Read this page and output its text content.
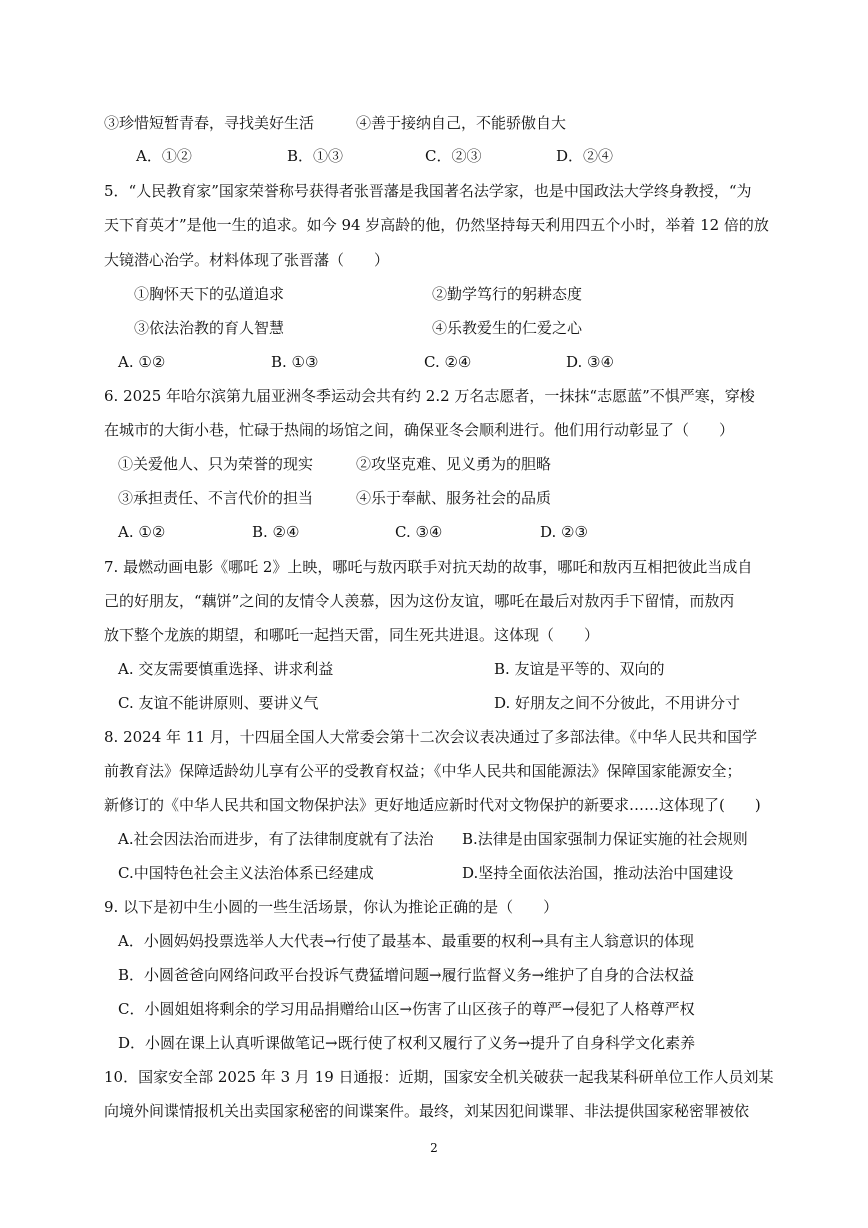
③珍惜短暂青春，寻找美好生活	④善于接纳自己，不能骄傲自大
A．①②	B．①③	C．②③	D．②④
5．“人民教育家”国家荣誉称号获得者张晋藩是我国著名法学家，也是中国政法大学终身教授，“为
天下育英才”是他一生的追求。如今 94 岁高龄的他，仍然坚持每天利用四五个小时，举着 12 倍的放
大镜潜心治学。材料体现了张晋藩（　　）
①胸怀天下的弘道追求	②勤学笃行的躬耕态度
③依法治教的育人智慧	④乐教爱生的仁爱之心
A. ①②	B. ①③	C. ②④	D. ③④
6. 2025 年哈尔滨第九届亚洲冬季运动会共有约 2.2 万名志愿者，一抹抹“志愿蓝”不惧严寒，穿梭
在城市的大街小巷，忙碌于热闹的场馆之间，确保亚冬会顺利进行。他们用行动彰显了（　　）
①关爱他人、只为荣誉的现实	②攻坚克难、见义勇为的胆略
③承担责任、不言代价的担当	④乐于奉献、服务社会的品质
A. ①②	B. ②④	C. ③④	D. ②③
7. 最燃动画电影《哪吒 2》上映，哪吒与敖丙联手对抗天劫的故事，哪吒和敖丙互相把彼此当成自
己的好朋友，“藕饼”之间的友情令人羡慕，因为这份友谊，哪吒在最后对敖丙手下留情，而敖丙
放下整个龙族的期望，和哪吒一起挡天雷，同生死共进退。这体现（　　）
A. 交友需要慎重选择、讲求利益	B. 友谊是平等的、双向的
C. 友谊不能讲原则、要讲义气	D. 好朋友之间不分彼此，不用讲分寸
8. 2024 年 11 月，十四届全国人大常委会第十二次会议表决通过了多部法律。《中华人民共和国学
前教育法》保障适龄幼儿享有公平的受教育权益；《中华人民共和国能源法》保障国家能源安全；
新修订的《中华人民共和国文物保护法》更好地适应新时代对文物保护的新要求……这体现了(　　)
A.社会因法治而进步，有了法律制度就有了法治 B.法律是由国家强制力保证实施的社会规则
C.中国特色社会主义法治体系已经建成	D.坚持全面依法治国，推动法治中国建设
9. 以下是初中生小圆的一些生活场景，你认为推论正确的是（　　）
A．小圆妈妈投票选举人大代表→行使了最基本、最重要的权利→具有主人翁意识的体现
B．小圆爸爸向网络问政平台投诉气费猛增问题→履行监督义务→维护了自身的合法权益
C．小圆姐姐将剩余的学习用品捐赠给山区→伤害了山区孩子的尊严→侵犯了人格尊严权
D．小圆在课上认真听课做笔记→既行使了权利又履行了义务→提升了自身科学文化素养
10．国家安全部 2025 年 3 月 19 日通报：近期，国家安全机关破获一起我某科研单位工作人员刘某
向境外间谍情报机关出卖国家秘密的间谍案件。最终，刘某因犯间谍罪、非法提供国家秘密罪被依
2
